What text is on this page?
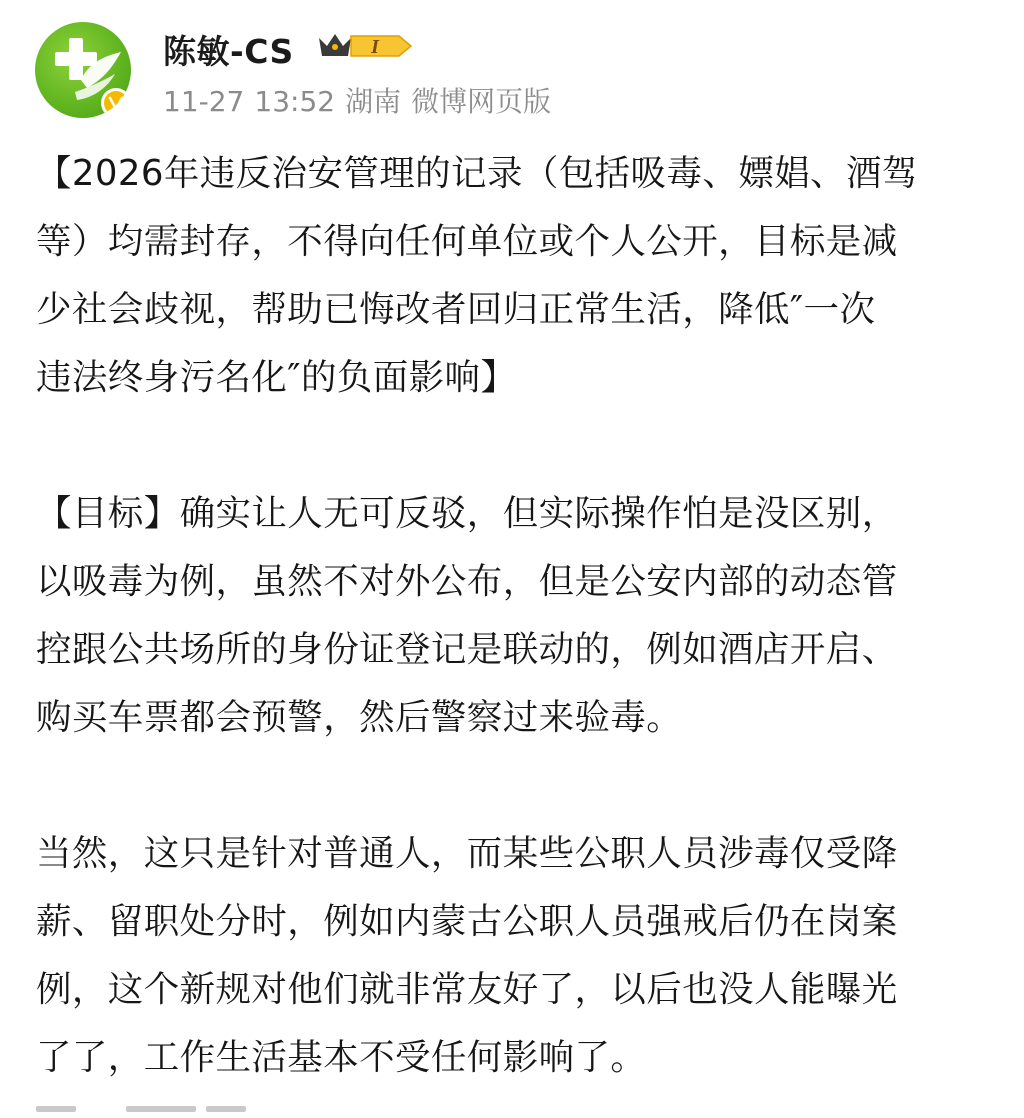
陈敏-CS	I
11-27 13:52 湖南 微博网页版

【2026年违反治安管理的记录（包括吸毒、嫖娼、酒驾
等）均需封存，不得向任何单位或个人公开，目标是减
少社会歧视，帮助已悔改者回归正常生活，降低″一次
违法终身污名化″的负面影响】

【目标】确实让人无可反驳，但实际操作怕是没区别，
以吸毒为例，虽然不对外公布，但是公安内部的动态管
控跟公共场所的身份证登记是联动的，例如酒店开启、
购买车票都会预警，然后警察过来验毒。

当然，这只是针对普通人，而某些公职人员涉毒仅受降
薪、留职处分时，例如内蒙古公职人员强戒后仍在岗案
例，这个新规对他们就非常友好了，以后也没人能曝光
了了，工作生活基本不受任何影响了。
